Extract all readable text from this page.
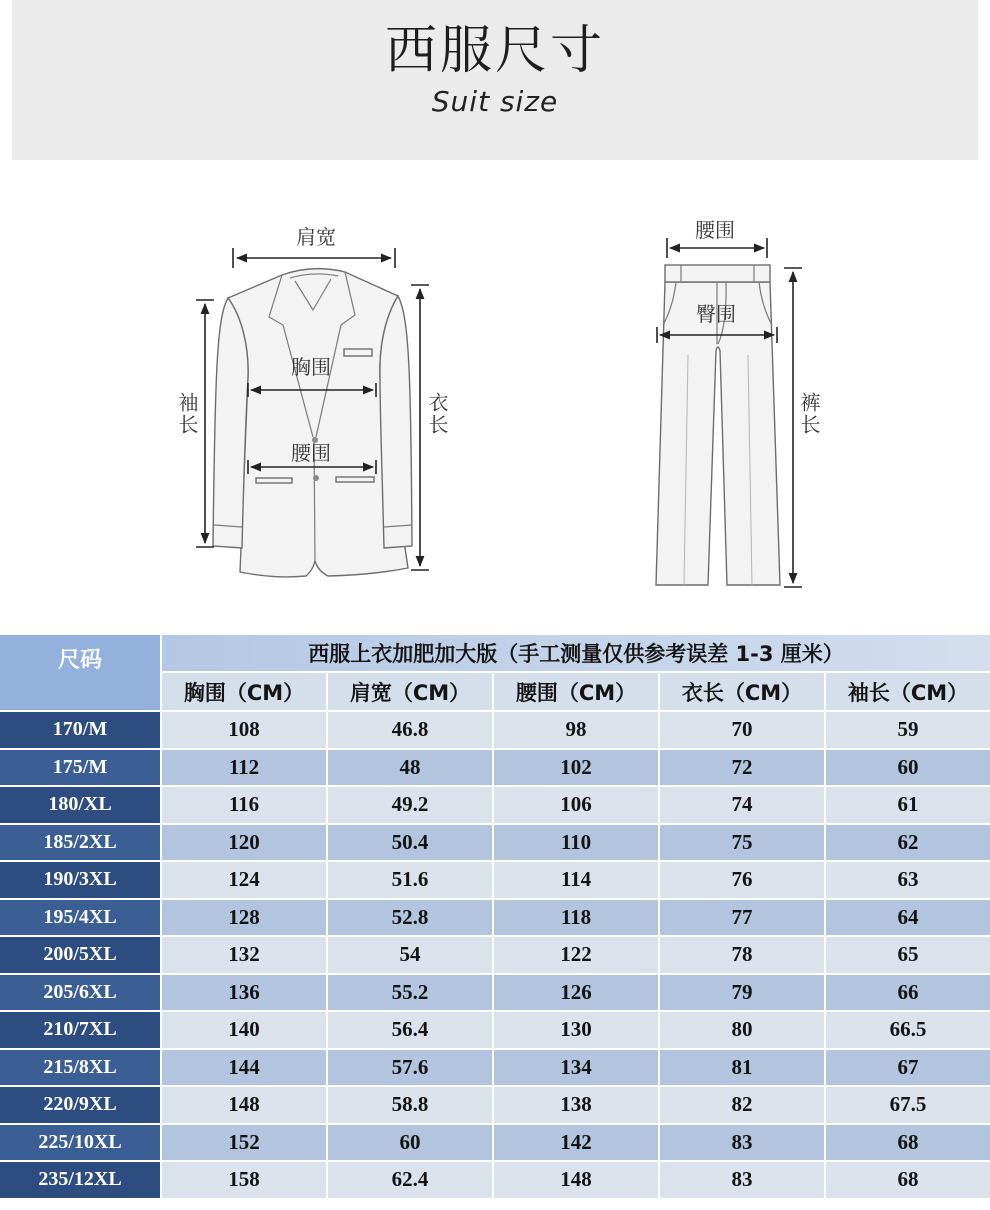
西服尺寸
Suit size
肩宽
胸围
腰围
袖长	衣长
腰围
臀围
裤长
尺码	西服上衣加肥加大版（手工测量仅供参考误差 1-3 厘米）
胸围（CM）	肩宽（CM）	腰围（CM）	衣长（CM）	袖长（CM）
170/M	108	46.8	98	70	59
175/M	112	48	102	72	60
180/XL	116	49.2	106	74	61
185/2XL	120	50.4	110	75	62
190/3XL	124	51.6	114	76	63
195/4XL	128	52.8	118	77	64
200/5XL	132	54	122	78	65
205/6XL	136	55.2	126	79	66
210/7XL	140	56.4	130	80	66.5
215/8XL	144	57.6	134	81	67
220/9XL	148	58.8	138	82	67.5
225/10XL	152	60	142	83	68
235/12XL	158	62.4	148	83	68
